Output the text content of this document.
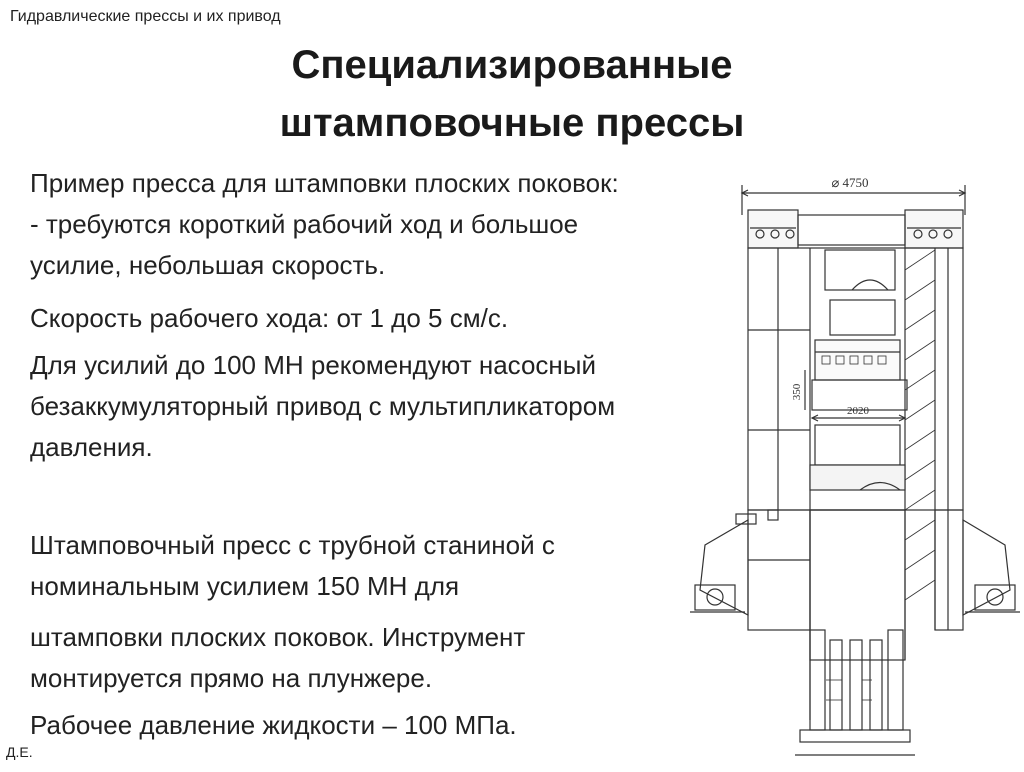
Гидравлические прессы и их привод
Специализированные
штамповочные прессы
⌀ 4750
350
2020
Пример пресса для штамповки плоских поковок:
- требуются короткий рабочий ход и большое
усилие, небольшая скорость.
Скорость рабочего хода: от 1 до 5 см/с.
Для усилий до 100 МН рекомендуют насосный
безаккумуляторный привод с мультипликатором
давления.
Штамповочный пресс с трубной станиной с
номинальным усилием 150 МН для
штамповки плоских поковок. Инструмент
монтируется прямо на плунжере.
Рабочее давление жидкости – 100 МПа.
Д.Е.
